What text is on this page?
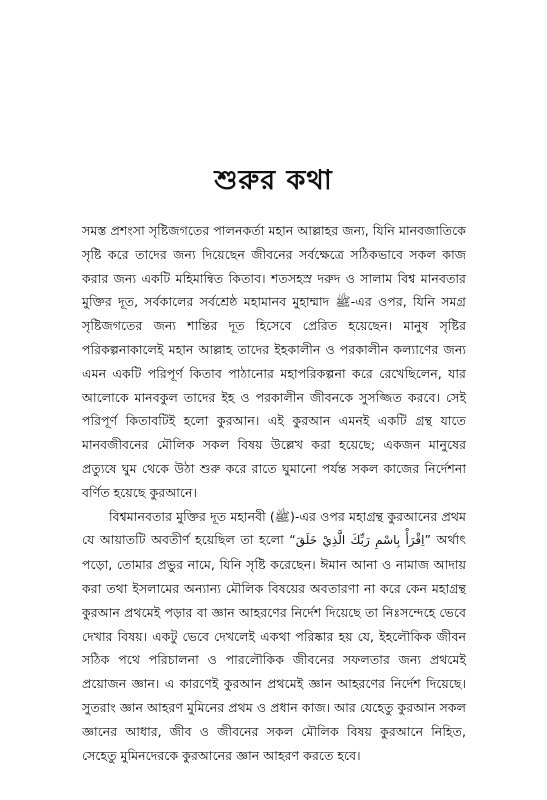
শুরুর কথা

সমস্ত প্রশংসা সৃষ্টিজগতের পালনকর্তা মহান আল্লাহর জন্য, যিনি মানবজাতিকে সৃষ্টি করে তাদের জন্য দিয়েছেন জীবনের সর্বক্ষেত্রে সঠিকভাবে সকল কাজ করার জন্য একটি মহিমান্বিত কিতাব। শতসহস্র দরুদ ও সালাম বিশ্ব মানবতার মুক্তির দূত, সর্বকালের সর্বশ্রেষ্ঠ মহামানব মুহাম্মাদ ﷺ-এর ওপর, যিনি সমগ্র সৃষ্টিজগতের জন্য শান্তির দূত হিসেবে প্রেরিত হয়েছেন। মানুষ সৃষ্টির পরিকল্পনাকালেই মহান আল্লাহ তাদের ইহকালীন ও পরকালীন কল্যাণের জন্য এমন একটি পরিপূর্ণ কিতাব পাঠানোর মহাপরিকল্পনা করে রেখেছিলেন, যার আলোকে মানবকুল তাদের ইহ ও পরকালীন জীবনকে সুসজ্জিত করবে। সেই পরিপূর্ণ কিতাবটিই হলো কুরআন। এই কুরআন এমনই একটি গ্রন্থ যাতে মানবজীবনের মৌলিক সকল বিষয় উল্লেখ করা হয়েছে; একজন মানুষের প্রত্যুষে ঘুম থেকে উঠা শুরু করে রাতে ঘুমানো পর্যন্ত সকল কাজের নির্দেশনা বর্ণিত হয়েছে কুরআনে।

বিশ্বমানবতার মুক্তির দূত মহানবী (ﷺ)-এর ওপর মহাগ্রন্থ কুরআনের প্রথম যে আয়াতটি অবতীর্ণ হয়েছিল তা হলো “اِقْرَأْ بِاسْمِ رَبِّكَ الَّذِيْ خَلَقَ” অর্থাৎ পড়ো, তোমার প্রভুর নামে, যিনি সৃষ্টি করেছেন। ঈমান আনা ও নামাজ আদায় করা তথা ইসলামের অন্যান্য মৌলিক বিষয়ের অবতারণা না করে কেন মহাগ্রন্থ কুরআন প্রথমেই পড়ার বা জ্ঞান আহরণের নির্দেশ দিয়েছে তা নিঃসন্দেহে ভেবে দেখার বিষয়। একটু ভেবে দেখলেই একথা পরিষ্কার হয় যে, ইহলৌকিক জীবন সঠিক পথে পরিচালনা ও পারলৌকিক জীবনের সফলতার জন্য প্রথমেই প্রয়োজন জ্ঞান। এ কারণেই কুরআন প্রথমেই জ্ঞান আহরণের নির্দেশ দিয়েছে। সুতরাং জ্ঞান আহরণ মুমিনের প্রথম ও প্রধান কাজ। আর যেহেতু কুরআন সকল জ্ঞানের আধার, জীব ও জীবনের সকল মৌলিক বিষয় কুরআনে নিহিত, সেহেতু মুমিনদেরকে কুরআনের জ্ঞান আহরণ করতে হবে।
